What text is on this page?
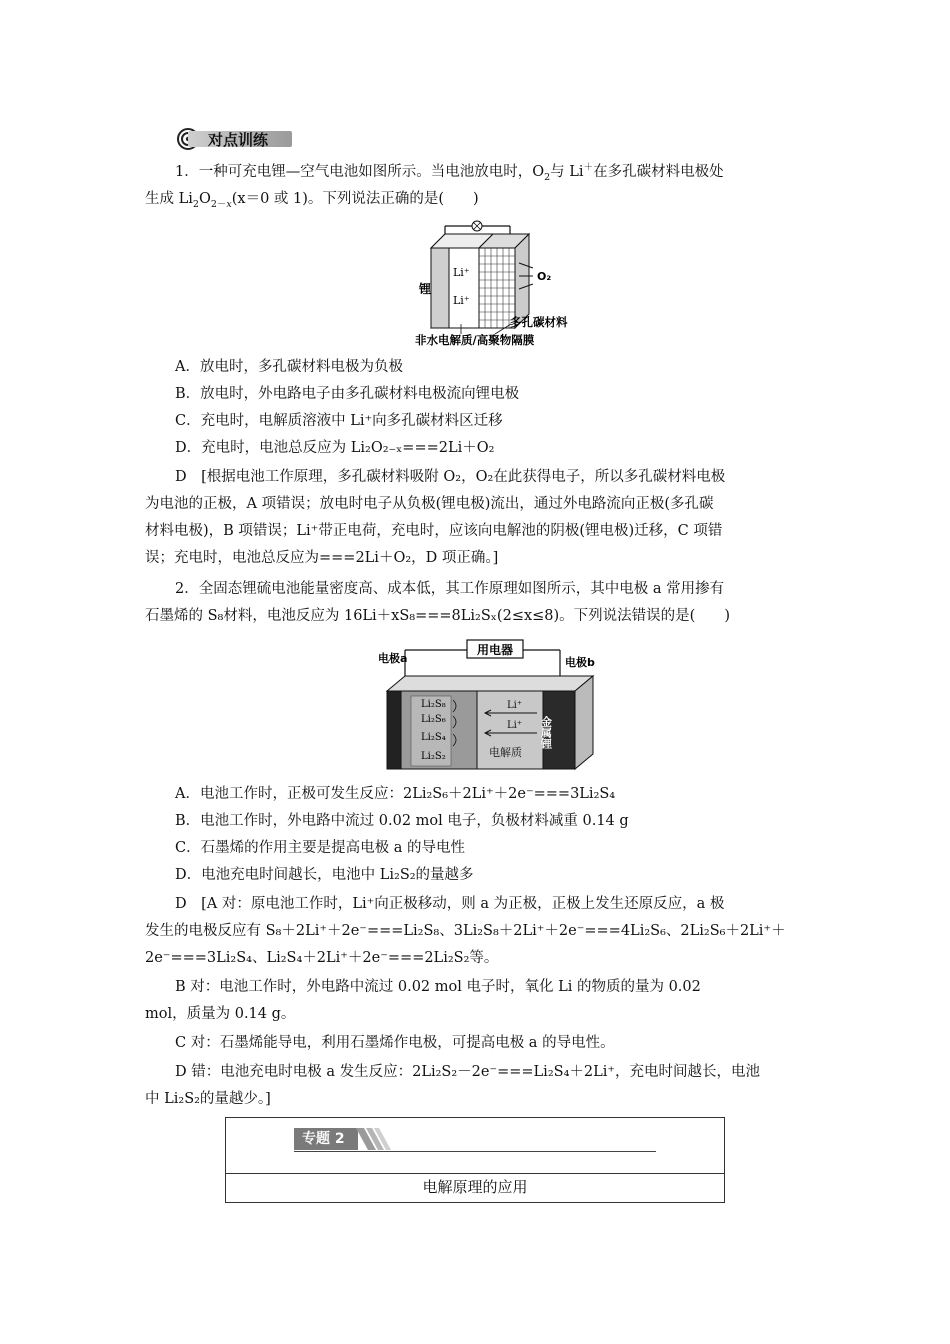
对点训练
1．一种可充电锂—空气电池如图所示。当电池放电时，$O_2$与 Li＋在多孔碳材料电极处
生成 $Li_2O_{2-x}(x=0$ 或 1)。下列说法正确的是(　　)
锂
Li⁺
Li⁺
O₂
多孔碳材料
非水电解质/高聚物隔膜
A．放电时，多孔碳材料电极为负极
B．放电时，外电路电子由多孔碳材料电极流向锂电极
C．充电时，电解质溶液中 Li⁺向多孔碳材料区迁移
D．充电时，电池总反应为 Li₂O₂₋ₓ===2Li＋O₂
D　[根据电池工作原理，多孔碳材料吸附 O₂，O₂在此获得电子，所以多孔碳材料电极
为电池的正极，A 项错误；放电时电子从负极(锂电极)流出，通过外电路流向正极(多孔碳
材料电极)，B 项错误；Li⁺带正电荷，充电时，应该向电解池的阴极(锂电极)迁移，C 项错
误；充电时，电池总反应为===2Li＋O₂，D 项正确。]
2．全固态锂硫电池能量密度高、成本低，其工作原理如图所示，其中电极 a 常用掺有
石墨烯的 S₈材料，电池反应为 16Li＋xS₈===8Li₂Sₓ(2≤x≤8)。下列说法错误的是(　　)
用电器
电极a	电极b
Li₂S₈
Li₂S₆
Li₂S₄
Li₂S₂
Li⁺
Li⁺
电解质
金属锂
A．电池工作时，正极可发生反应：2Li₂S₆＋2Li⁺＋2e⁻===3Li₂S₄
B．电池工作时，外电路中流过 0.02 mol 电子，负极材料减重 0.14 g
C．石墨烯的作用主要是提高电极 a 的导电性
D．电池充电时间越长，电池中 Li₂S₂的量越多
D　[A 对：原电池工作时，Li⁺向正极移动，则 a 为正极，正极上发生还原反应，a 极
发生的电极反应有 S₈＋2Li⁺＋2e⁻===Li₂S₈、3Li₂S₈＋2Li⁺＋2e⁻===4Li₂S₆、2Li₂S₆＋2Li⁺＋
2e⁻===3Li₂S₄、Li₂S₄＋2Li⁺＋2e⁻===2Li₂S₂等。
B 对：电池工作时，外电路中流过 0.02 mol 电子时，氧化 Li 的物质的量为 0.02
mol，质量为 0.14 g。
C 对：石墨烯能导电，利用石墨烯作电极，可提高电极 a 的导电性。
D 错：电池充电时电极 a 发生反应：2Li₂S₂－2e⁻===Li₂S₄＋2Li⁺，充电时间越长，电池
中 Li₂S₂的量越少。]
专题 2
电解原理的应用
